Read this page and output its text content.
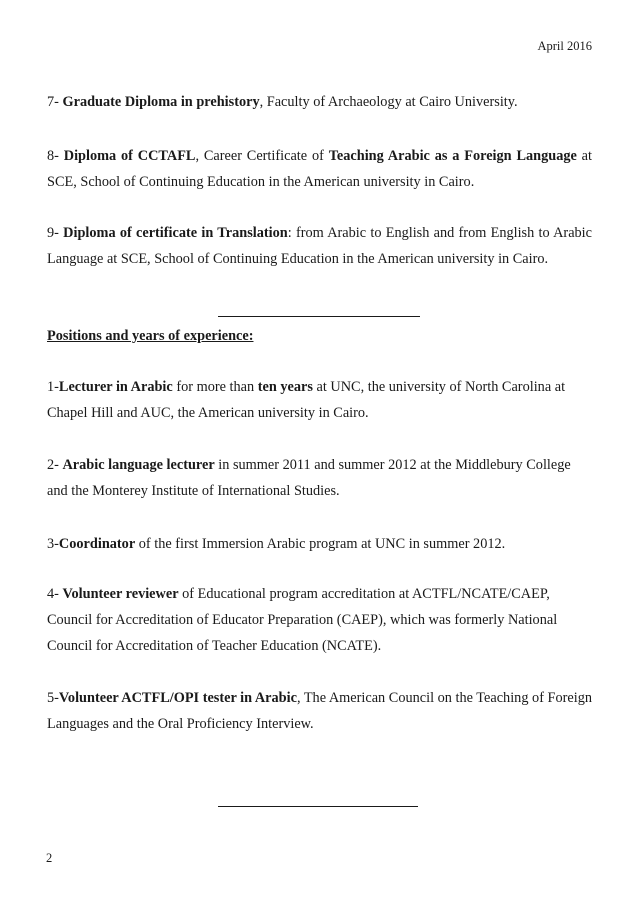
April 2016

7- Graduate Diploma in prehistory, Faculty of Archaeology at Cairo University.

8- Diploma of CCTAFL, Career Certificate of Teaching Arabic as a Foreign Language at SCE, School of Continuing Education in the American university in Cairo.

9- Diploma of certificate in Translation: from Arabic to English and from English to Arabic Language at SCE, School of Continuing Education in the American university in Cairo.

Positions and years of experience:

1-Lecturer in Arabic for more than ten years at UNC, the university of North Carolina at Chapel Hill and AUC, the American university in Cairo.

2- Arabic language lecturer in summer 2011 and summer 2012 at the Middlebury College and the Monterey Institute of International Studies.

3-Coordinator of the first Immersion Arabic program at UNC in summer 2012.

4- Volunteer reviewer of Educational program accreditation at ACTFL/NCATE/CAEP, Council for Accreditation of Educator Preparation (CAEP), which was formerly National Council for Accreditation of Teacher Education (NCATE).

5-Volunteer ACTFL/OPI tester in Arabic, The American Council on the Teaching of Foreign Languages and the Oral Proficiency Interview.

2
